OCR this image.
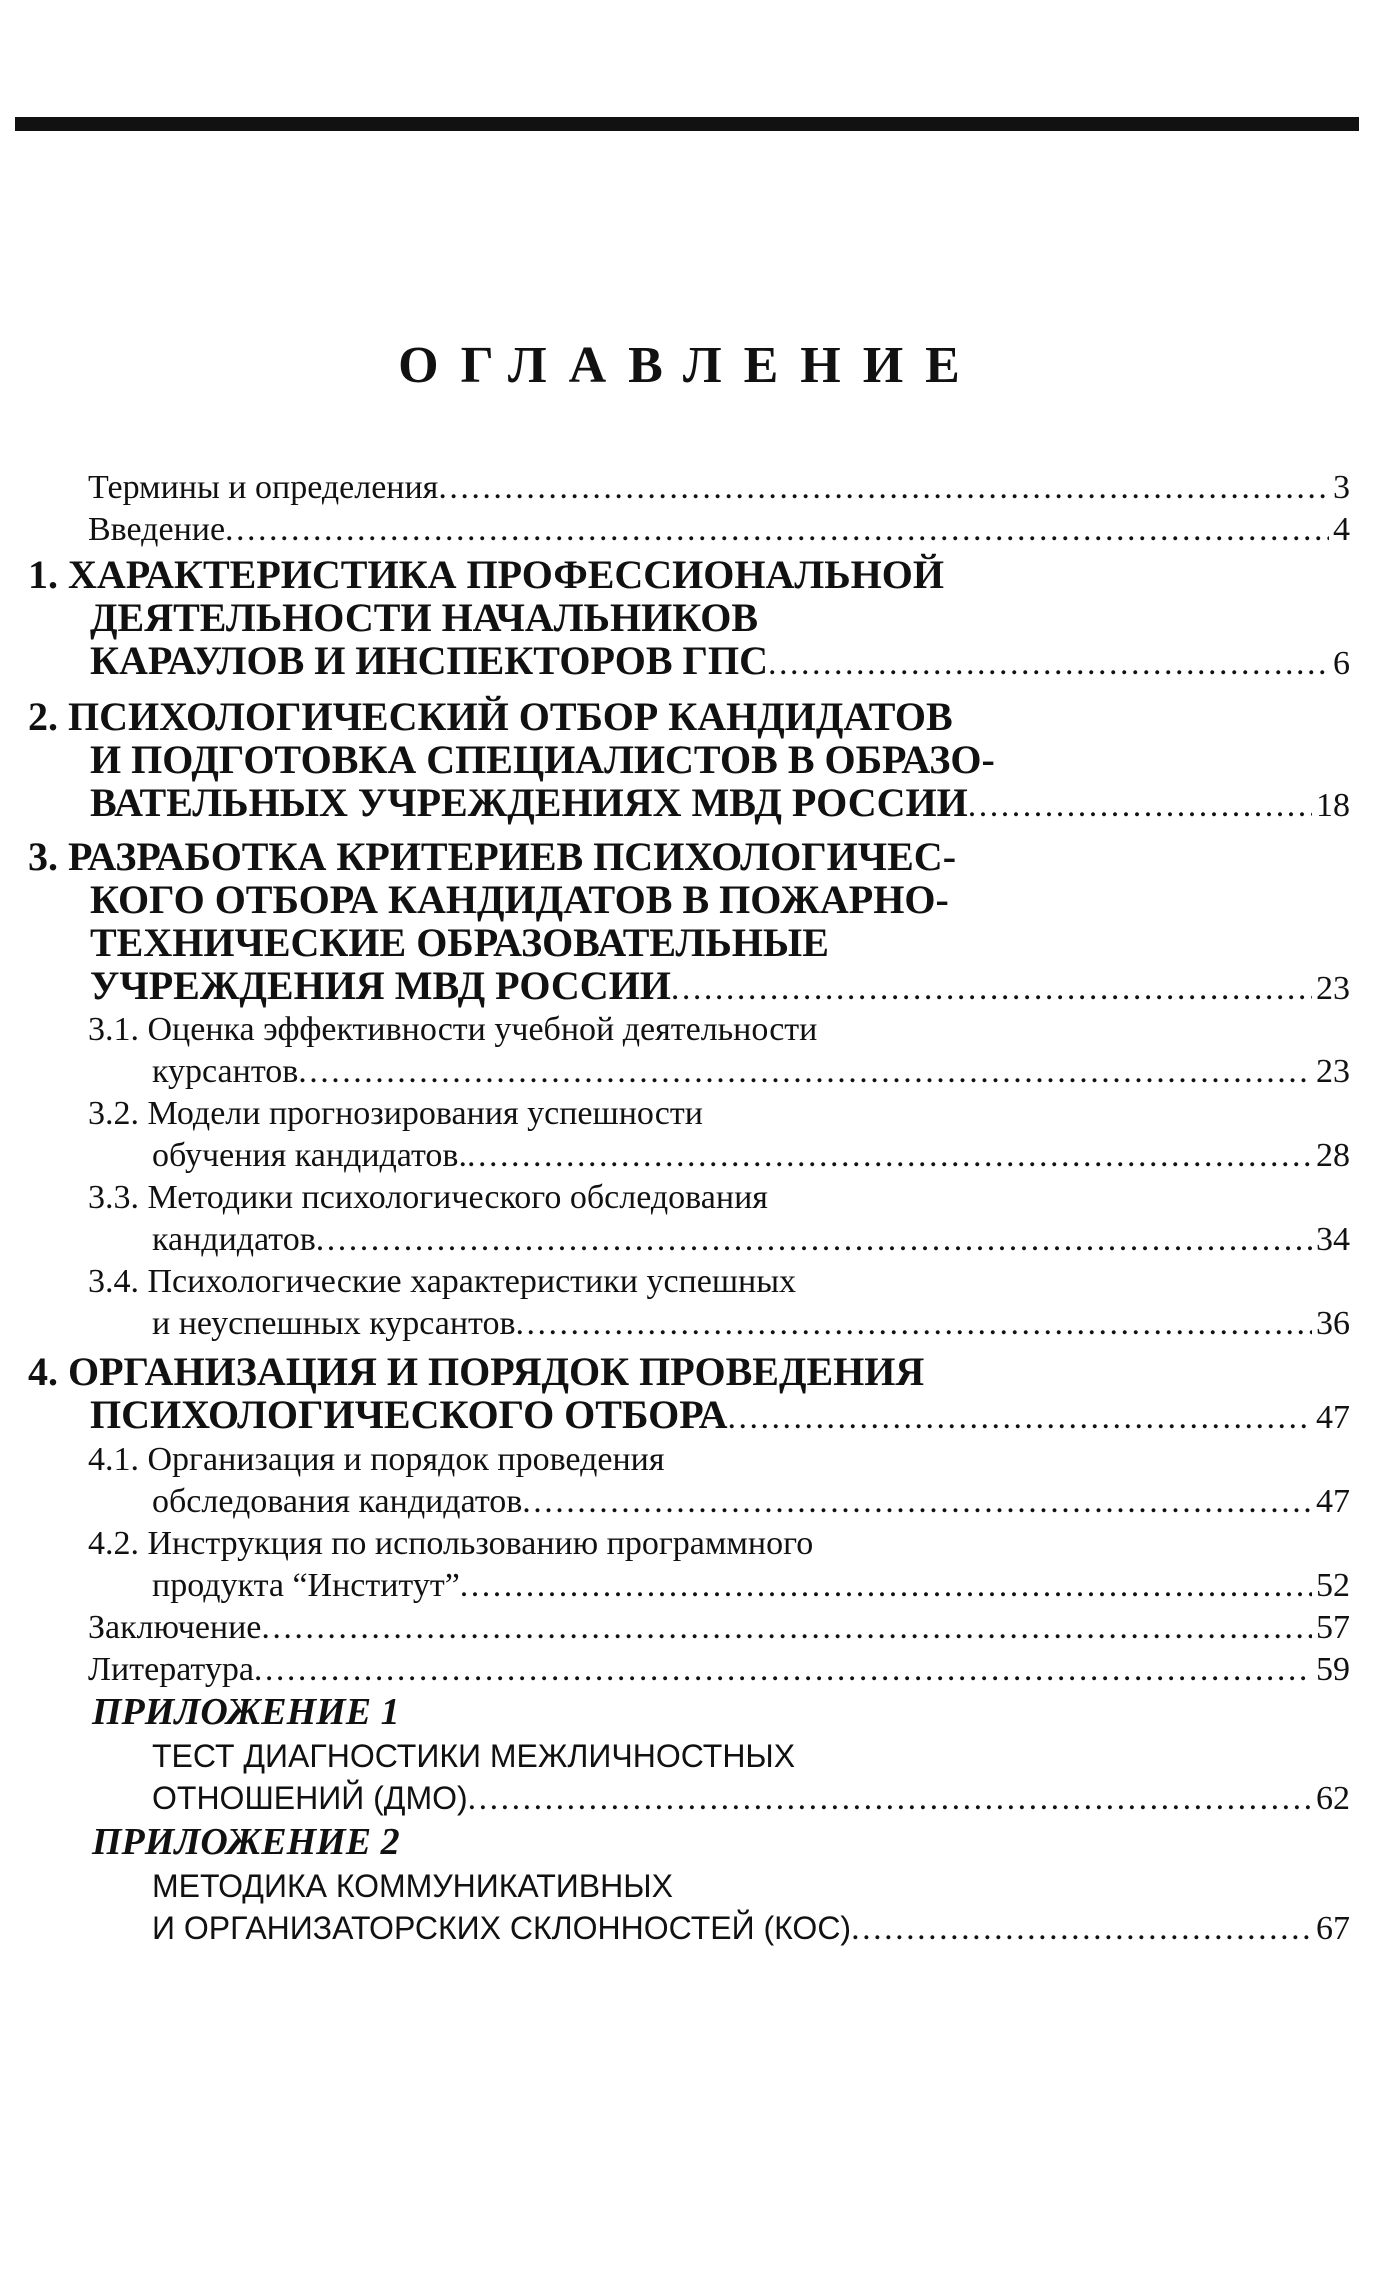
ОГЛАВЛЕНИЕ
Термины и определения . . .	3
Введение . . .	4
1. ХАРАКТЕРИСТИКА ПРОФЕССИОНАЛЬНОЙ
ДЕЯТЕЛЬНОСТИ НАЧАЛЬНИКОВ
КАРАУЛОВ И ИНСПЕКТОРОВ ГПС . . .	6
2. ПСИХОЛОГИЧЕСКИЙ ОТБОР КАНДИДАТОВ
И ПОДГОТОВКА СПЕЦИАЛИСТОВ В ОБРАЗО-
ВАТЕЛЬНЫХ УЧРЕЖДЕНИЯХ МВД РОССИИ . . .	18
3. РАЗРАБОТКА КРИТЕРИЕВ ПСИХОЛОГИЧЕС-
КОГО ОТБОРА КАНДИДАТОВ В ПОЖАРНО-
ТЕХНИЧЕСКИЕ ОБРАЗОВАТЕЛЬНЫЕ
УЧРЕЖДЕНИЯ МВД РОССИИ . . .	23
3.1. Оценка эффективности учебной деятельности
курсантов . . .	23
3.2. Модели прогнозирования успешности
обучения кандидатов. . . .	28
3.3. Методики психологического обследования
кандидатов . . .	34
3.4. Психологические характеристики успешных
и неуспешных курсантов . . .	36
4. ОРГАНИЗАЦИЯ И ПОРЯДОК ПРОВЕДЕНИЯ
ПСИХОЛОГИЧЕСКОГО ОТБОРА . . .	47
4.1. Организация и порядок проведения
обследования кандидатов . . .	47
4.2. Инструкция по использованию программного
продукта “Институт” . . .	52
Заключение . . .	57
Литература . . .	59
ПРИЛОЖЕНИЕ 1
ТЕСТ ДИАГНОСТИКИ МЕЖЛИЧНОСТНЫХ
ОТНОШЕНИЙ (ДМО) . . .	62
ПРИЛОЖЕНИЕ 2
МЕТОДИКА КОММУНИКАТИВНЫХ
И ОРГАНИЗАТОРСКИХ СКЛОННОСТЕЙ (КОС) . . .	67
